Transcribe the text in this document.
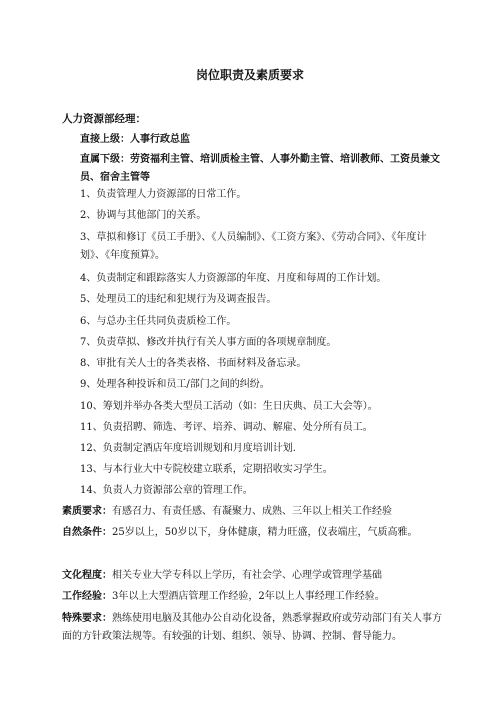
岗位职责及素质要求
人力资源部经理：
直接上级：人事行政总监
直属下级：劳资福利主管、培训质检主管、人事外勤主管、培训教师、工资员兼文员、宿舍主管等
1、负责管理人力资源部的日常工作。
2、协调与其他部门的关系。
3、草拟和修订《员工手册》、《人员编制》、《工资方案》、《劳动合同》、《年度计划》、《年度预算》。
4、负责制定和跟踪落实人力资源部的年度、月度和每周的工作计划。
5、处理员工的违纪和犯规行为及调查报告。
6、与总办主任共同负责质检工作。
7、负责草拟、修改并执行有关人事方面的各项规章制度。
8、审批有关人士的各类表格、书面材料及备忘录。
9、处理各种投诉和员工/部门之间的纠纷。
10、筹划并举办各类大型员工活动（如：生日庆典、员工大会等）。
11、负责招聘、筛选、考评、培养、调动、解雇、处分所有员工。
12、负责制定酒店年度培训规划和月度培训计划.
13、与本行业大中专院校建立联系，定期招收实习学生。
14、负责人力资源部公章的管理工作。
素质要求：有感召力、有责任感、有凝聚力、成熟、三年以上相关工作经验
自然条件：25岁以上，50岁以下，身体健康，精力旺盛，仪表端庄，气质高雅。
文化程度：相关专业大学专科以上学历，有社会学、心理学或管理学基础
工作经验：3年以上大型酒店管理工作经验，2年以上人事经理工作经验。
特殊要求：熟练使用电脑及其他办公自动化设备，熟悉掌握政府或劳动部门有关人事方面的方针政策法规等。有较强的计划、组织、领导、协调、控制、督导能力。
